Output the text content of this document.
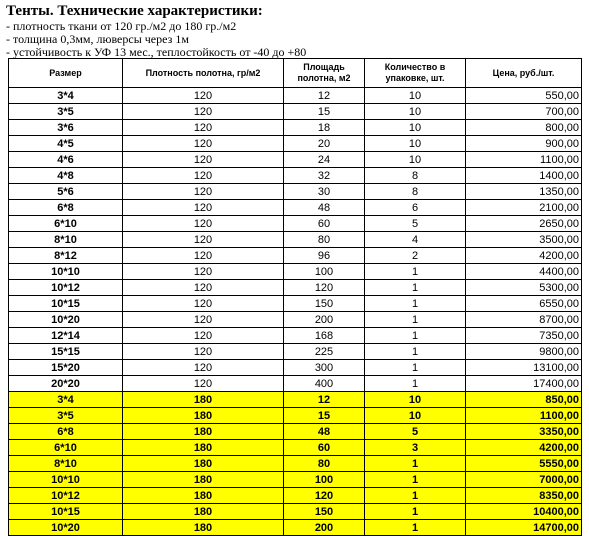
Тенты. Технические характеристики:
- плотность ткани от 120 гр./м2 до 180 гр./м2
- толщина 0,3мм, люверсы через 1м
- устойчивость к УФ 13 мес., теплостойкость от -40 до +80
Размер	Плотность полотна, гр/м2	Площадь полотна, м2	Количество в упаковке, шт.	Цена, руб./шт.
3*4	120	12	10	550,00
3*5	120	15	10	700,00
3*6	120	18	10	800,00
4*5	120	20	10	900,00
4*6	120	24	10	1100,00
4*8	120	32	8	1400,00
5*6	120	30	8	1350,00
6*8	120	48	6	2100,00
6*10	120	60	5	2650,00
8*10	120	80	4	3500,00
8*12	120	96	2	4200,00
10*10	120	100	1	4400,00
10*12	120	120	1	5300,00
10*15	120	150	1	6550,00
10*20	120	200	1	8700,00
12*14	120	168	1	7350,00
15*15	120	225	1	9800,00
15*20	120	300	1	13100,00
20*20	120	400	1	17400,00
3*4	180	12	10	850,00
3*5	180	15	10	1100,00
6*8	180	48	5	3350,00
6*10	180	60	3	4200,00
8*10	180	80	1	5550,00
10*10	180	100	1	7000,00
10*12	180	120	1	8350,00
10*15	180	150	1	10400,00
10*20	180	200	1	14700,00
